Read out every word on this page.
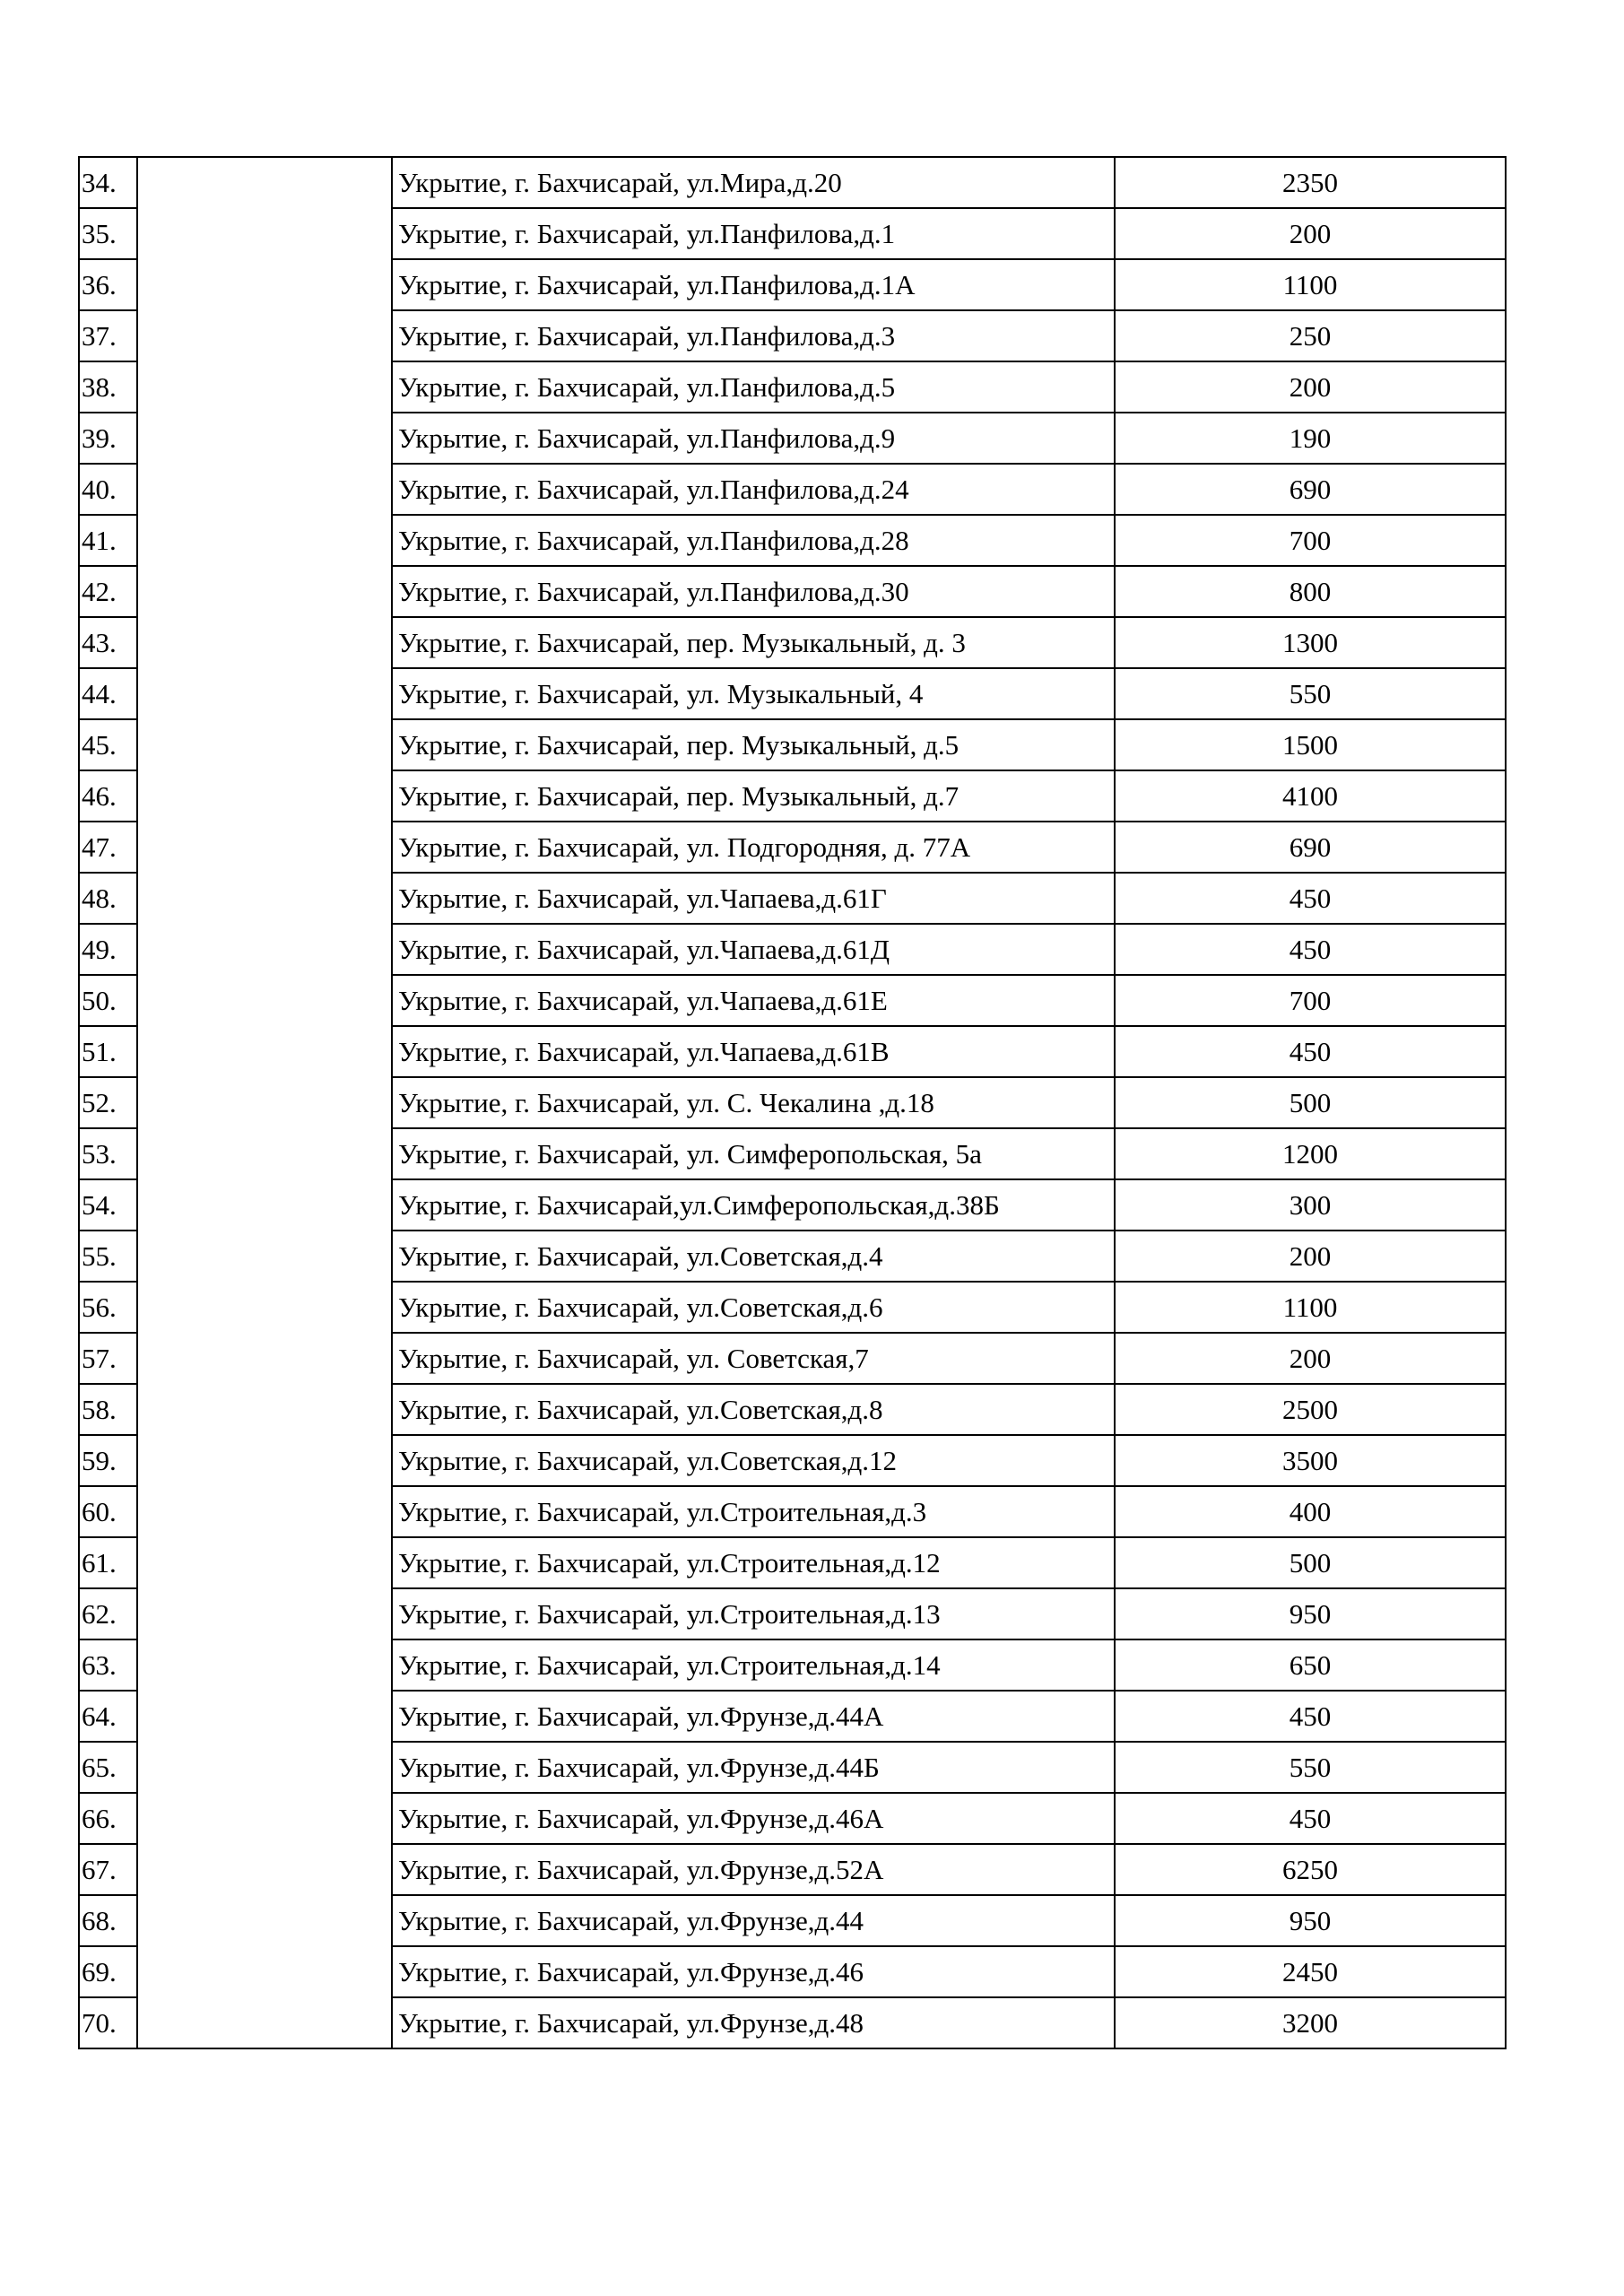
34.		Укрытие, г. Бахчисарай, ул.Мира,д.20	2350
35.		Укрытие, г. Бахчисарай, ул.Панфилова,д.1	200
36.		Укрытие, г. Бахчисарай, ул.Панфилова,д.1А	1100
37.		Укрытие, г. Бахчисарай, ул.Панфилова,д.3	250
38.		Укрытие, г. Бахчисарай, ул.Панфилова,д.5	200
39.		Укрытие, г. Бахчисарай, ул.Панфилова,д.9	190
40.		Укрытие, г. Бахчисарай, ул.Панфилова,д.24	690
41.		Укрытие, г. Бахчисарай, ул.Панфилова,д.28	700
42.		Укрытие, г. Бахчисарай, ул.Панфилова,д.30	800
43.		Укрытие, г. Бахчисарай, пер. Музыкальный, д. 3	1300
44.		Укрытие, г. Бахчисарай, ул. Музыкальный, 4	550
45.		Укрытие, г. Бахчисарай, пер. Музыкальный, д.5	1500
46.		Укрытие, г. Бахчисарай, пер. Музыкальный, д.7	4100
47.		Укрытие, г. Бахчисарай, ул. Подгородняя, д. 77А	690
48.		Укрытие, г. Бахчисарай, ул.Чапаева,д.61Г	450
49.		Укрытие, г. Бахчисарай, ул.Чапаева,д.61Д	450
50.		Укрытие, г. Бахчисарай, ул.Чапаева,д.61Е	700
51.		Укрытие, г. Бахчисарай, ул.Чапаева,д.61В	450
52.		Укрытие, г. Бахчисарай, ул. С. Чекалина ,д.18	500
53.		Укрытие, г. Бахчисарай, ул. Симферопольская, 5а	1200
54.		Укрытие, г. Бахчисарай,ул.Симферопольская,д.38Б	300
55.		Укрытие, г. Бахчисарай, ул.Советская,д.4	200
56.		Укрытие, г. Бахчисарай, ул.Советская,д.6	1100
57.		Укрытие, г. Бахчисарай, ул. Советская,7	200
58.		Укрытие, г. Бахчисарай, ул.Советская,д.8	2500
59.		Укрытие, г. Бахчисарай, ул.Советская,д.12	3500
60.		Укрытие, г. Бахчисарай, ул.Строительная,д.3	400
61.		Укрытие, г. Бахчисарай, ул.Строительная,д.12	500
62.		Укрытие, г. Бахчисарай, ул.Строительная,д.13	950
63.		Укрытие, г. Бахчисарай, ул.Строительная,д.14	650
64.		Укрытие, г. Бахчисарай, ул.Фрунзе,д.44А	450
65.		Укрытие, г. Бахчисарай, ул.Фрунзе,д.44Б	550
66.		Укрытие, г. Бахчисарай, ул.Фрунзе,д.46А	450
67.		Укрытие, г. Бахчисарай, ул.Фрунзе,д.52А	6250
68.		Укрытие, г. Бахчисарай, ул.Фрунзе,д.44	950
69.		Укрытие, г. Бахчисарай, ул.Фрунзе,д.46	2450
70.		Укрытие, г. Бахчисарай, ул.Фрунзе,д.48	3200
